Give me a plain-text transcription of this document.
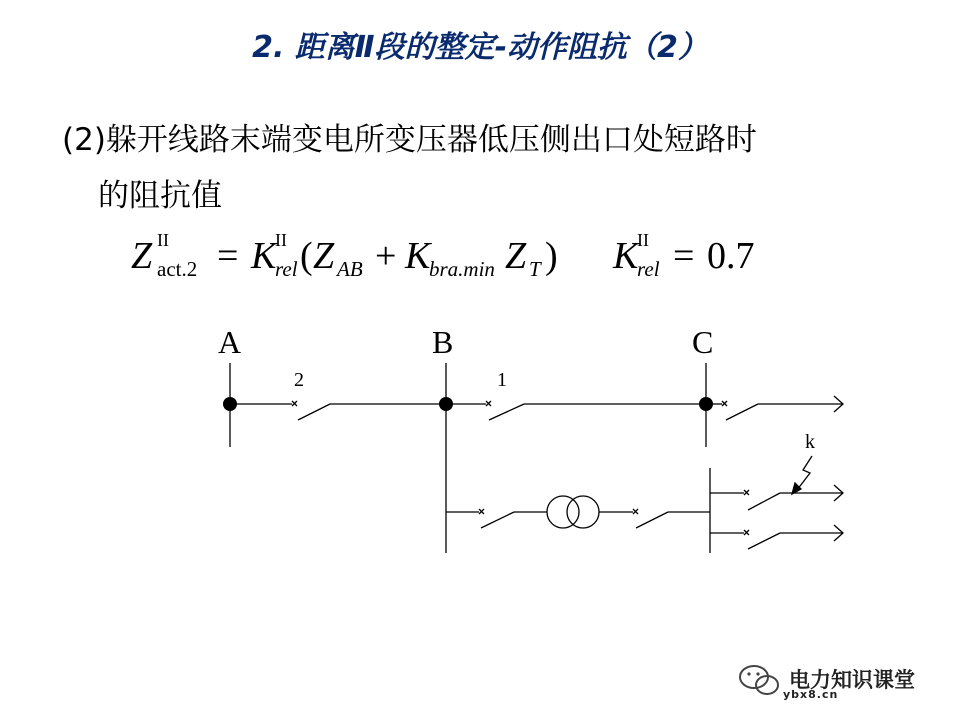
2. 距离Ⅱ段的整定-动作阻抗（2）
(2)躲开线路末端变电所变压器低压侧出口处短路时
的阻抗值
Z II
act.2 = K
II
rel ( Z AB + K
bra.min Z T ) K
II
rel = 0.7
A	B	C
2	1
k
电力知识课堂
ybx8.cn
